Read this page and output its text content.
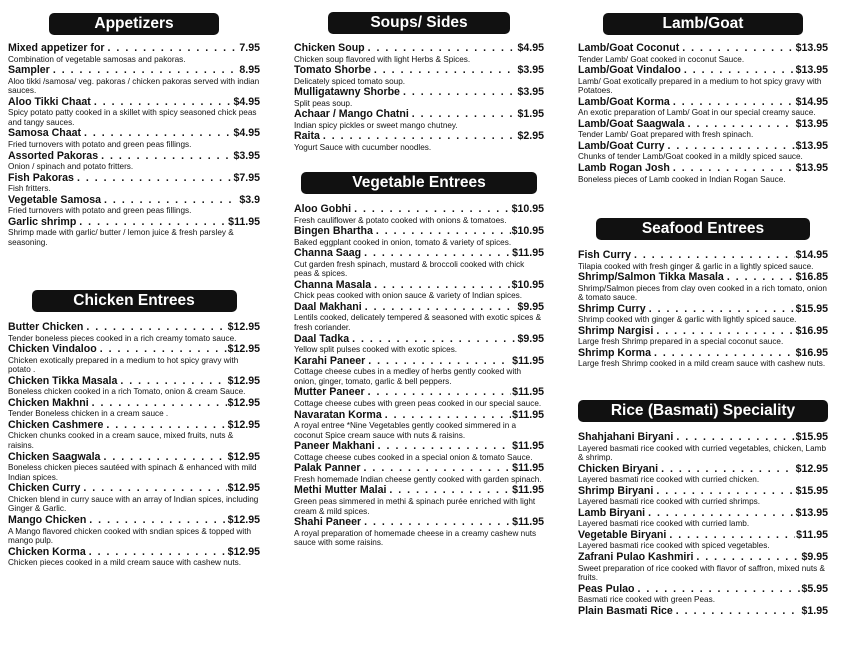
Appetizers
Mixed appetizer for . . .	7.95
Combination of vegetable samosas and pakoras.
Sampler . . .	8.95
Aloo tikki /samosa/ veg. pakoras / chicken pakoras served with indian sauces.
Aloo Tikki Chaat . . .	$4.95
Spicy potato patty cooked in a skillet with spicy seasoned chick peas and tangy sauces.
Samosa Chaat . . .	$4.95
Fried turnovers with potato and green peas fillings.
Assorted Pakoras . . .	$3.95
Onion / spinach and potato fritters.
Fish Pakoras . . .	$7.95
Fish fritters.
Vegetable Samosa . . .	$3.9
Fried turnovers with potato and green peas fillings.
Garlic shrimp . . .	$11.95
Shrimp made with garlic/ butter / lemon juice & fresh parsley & seasoning.
Chicken Entrees
Butter Chicken . . .	$12.95
Tender boneless pieces cooked in a rich creamy tomato sauce.
Chicken Vindaloo . . .	$12.95
Chicken exotically prepared in a medium to hot spicy gravy with potato .
Chicken Tikka Masala . . .	$12.95
Boneless chicken cooked in a rich Tomato, onion & cream Sauce.
Chicken Makhni . . .	$12.95
Tender Boneless chicken in a cream sauce .
Chicken Cashmere . . .	$12.95
Chicken chunks cooked in a cream sauce, mixed fruits, nuts & raisins.
Chicken Saagwala . . .	$12.95
Boneless chicken pieces sautéed with spinach & enhanced with mild Indian spices.
Chicken Curry . . .	$12.95
Chicken blend in curry sauce with an array of Indian spices, including Ginger & Garlic.
Mango Chicken . . .	$12.95
A Mango flavored chicken cooked with sndian spices & topped with mango pulp.
Chicken Korma . . .	$12.95
Chicken pieces cooked in a mild cream sauce with cashew nuts.
Soups/ Sides
Chicken Soup . . .	$4.95
Chicken soup flavored with light Herbs & Spices.
Tomato Shorbe . . .	$3.95
Delicately spiced tomato soup.
Mulligatawny Shorbe . . .	$3.95
Split peas soup.
Achaar / Mango Chatni . . .	$1.95
Indian spicy pickles or sweet mango chutney.
Raita . . .	$2.95
Yogurt Sauce with cucumber noodles.
Vegetable Entrees
Aloo Gobhi . . .	$10.95
Fresh cauliflower & potato cooked with onions & tomatoes.
Bingen Bhartha . . .	$10.95
Baked eggplant cooked in onion, tomato & variety of spices.
Channa Saag . . .	$11.95
Cut garden fresh spinach, mustard & broccoli cooked with chick peas & spices.
Channa Masala . . .	$10.95
Chick peas cooked with onion sauce & variety of Indian spices.
Daal Makhani . . .	$9.95
Lentils cooked, delicately tempered & seasoned with exotic spices & fresh coriander.
Daal Tadka . . .	$9.95
Yellow split pulses cooked with exotic spices.
Karahi Paneer . . .	$11.95
Cottage cheese cubes in a medley of herbs gently cooked with onion, ginger, tomato, garlic & bell peppers.
Mutter Paneer . . .	$11.95
Cottage cheese cubes with green peas cooked in our special sauce.
Navaratan Korma . . .	$11.95
A royal entree *Nine Vegetables gently cooked simmered in a coconut Spice cream sauce with nuts & raisins.
Paneer Makhani . . .	$11.95
Cottage cheese cubes cooked in a special onion & tomato Sauce.
Palak Panner . . .	$11.95
Fresh homemade Indian cheese gently cooked with garden spinach.
Methi Mutter Malai . . .	$11.95
Green peas simmered in methi & spinach purée enriched with light cream & mild spices.
Shahi Paneer . . .	$11.95
A royal preparation of homemade cheese in a creamy cashew nuts sauce with some raisins.
Lamb/Goat
Lamb/Goat Coconut . . .	$13.95
Tender Lamb/ Goat cooked in coconut Sauce.
Lamb/Goat Vindaloo . . .	$13.95
Lamb/ Goat exotically prepared in a medium to hot spicy gravy with Potatoes.
Lamb/Goat Korma . . .	$14.95
An exotic preparation of Lamb/ Goat in our special creamy sauce.
Lamb/Goat Saagwala . . .	$13.95
Tender Lamb/ Goat prepared with fresh spinach.
Lamb/Goat Curry . . .	$13.95
Chunks of tender Lamb/Goat cooked in a mildly spiced sauce.
Lamb Rogan Josh . . .	$13.95
Boneless pieces of Lamb cooked in Indian Rogan Sauce.
Seafood Entrees
Fish Curry . . .	$14.95
Tilapia cooked with fresh ginger & garlic in a lightly spiced sauce.
Shrimp/Salmon Tikka Masala . . .	$16.85
Shrimp/Salmon pieces from clay oven cooked in a rich tomato, onion & tomato sauce.
Shrimp Curry . . .	$15.95
Shrimp cooked with ginger & garlic with lightly spiced sauce.
Shrimp Nargisi . . .	$16.95
Large fresh Shrimp prepared in a special coconut sauce.
Shrimp Korma . . .	$16.95
Large fresh Shrimp cooked in a mild cream sauce with cashew nuts.
Rice (Basmati) Speciality
Shahjahani Biryani . . .	$15.95
Layered basmati rice cooked with curried vegetables, chicken, Lamb & shrimp.
Chicken Biryani . . .	$12.95
Layered basmati rice cooked with curried chicken.
Shrimp Biryani . . .	$15.95
Layered basmati rice cooked with curried shrimps.
Lamb Biryani . . .	$13.95
Layered basmati rice cooked with curried lamb.
Vegetable Biryani . . .	$11.95
Layered basmati rice cooked with spiced vegetables.
Zafrani Pulao Kashmiri . . .	$9.95
Sweet preparation of rice cooked with flavor of saffron, mixed nuts & fruits.
Peas Pulao . . .	$5.95
Basmati rice cooked with green Peas.
Plain Basmati Rice . . .	$1.95
